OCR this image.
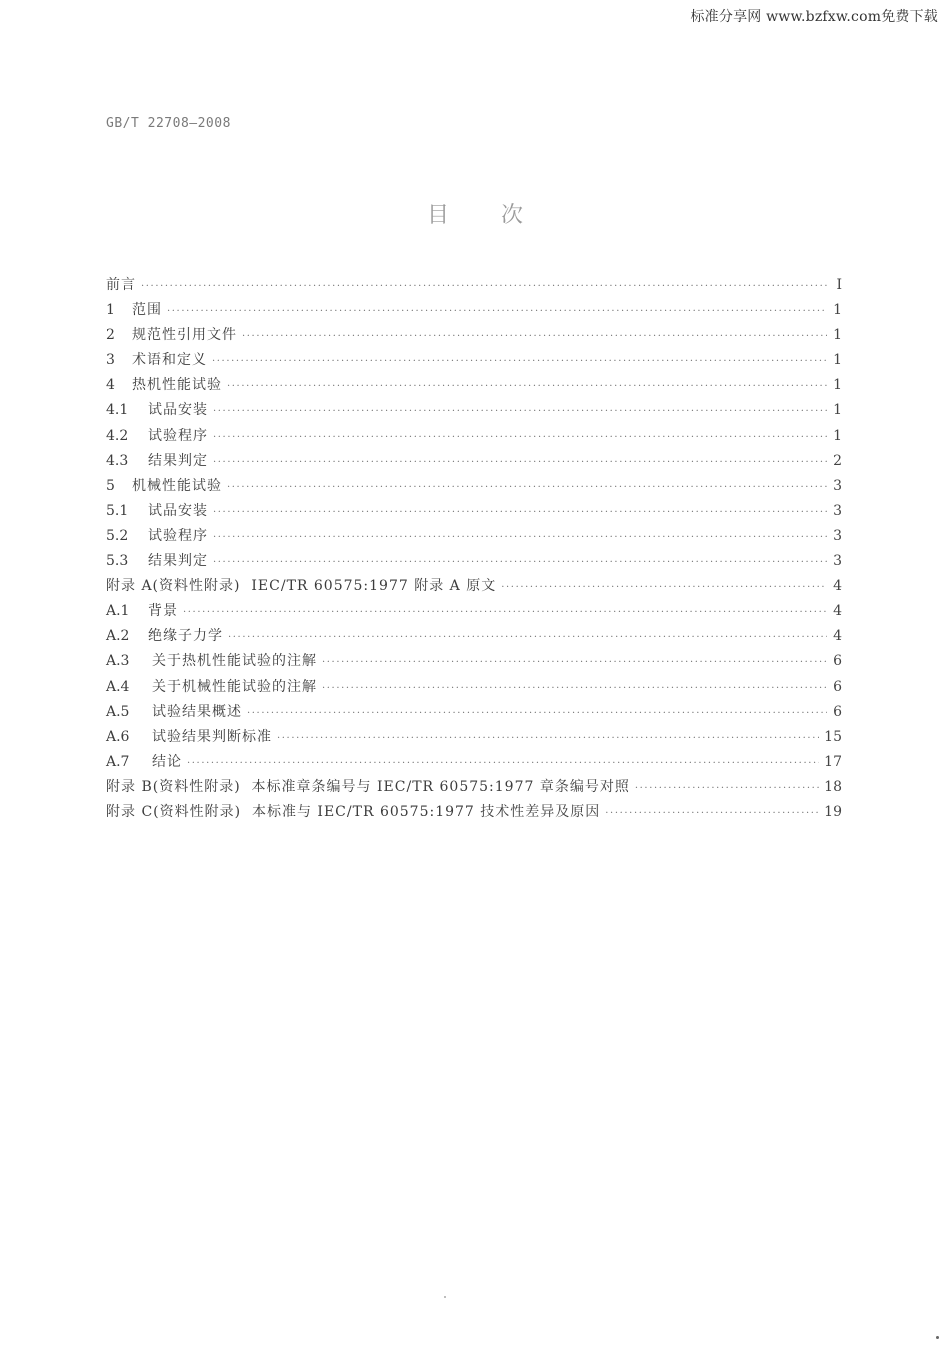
标准分享网 www.bzfxw.com免费下载
GB/T 22708—2008
目次
前言 ·····	Ⅰ
1	范围 ·····	1
2	规范性引用文件 ·····	1
3	术语和定义 ·····	1
4	热机性能试验 ·····	1
4.1	试品安装 ·····	1
4.2	试验程序 ·····	1
4.3	结果判定 ·····	2
5	机械性能试验 ·····	3
5.1	试品安装 ·····	3
5.2	试验程序 ·····	3
5.3	结果判定 ·····	3
附录 A(资料性附录)  IEC/TR 60575:1977 附录 A 原文 ·····	4
A.1	背景 ·····	4
A.2	绝缘子力学 ·····	4
A.3	关于热机性能试验的注解 ·····	6
A.4	关于机械性能试验的注解 ·····	6
A.5	试验结果概述 ·····	6
A.6	试验结果判断标准 ·····	15
A.7	结论 ·····	17
附录 B(资料性附录)  本标准章条编号与 IEC/TR 60575:1977 章条编号对照 ·····	18
附录 C(资料性附录)  本标准与 IEC/TR 60575:1977 技术性差异及原因 ·····	19
